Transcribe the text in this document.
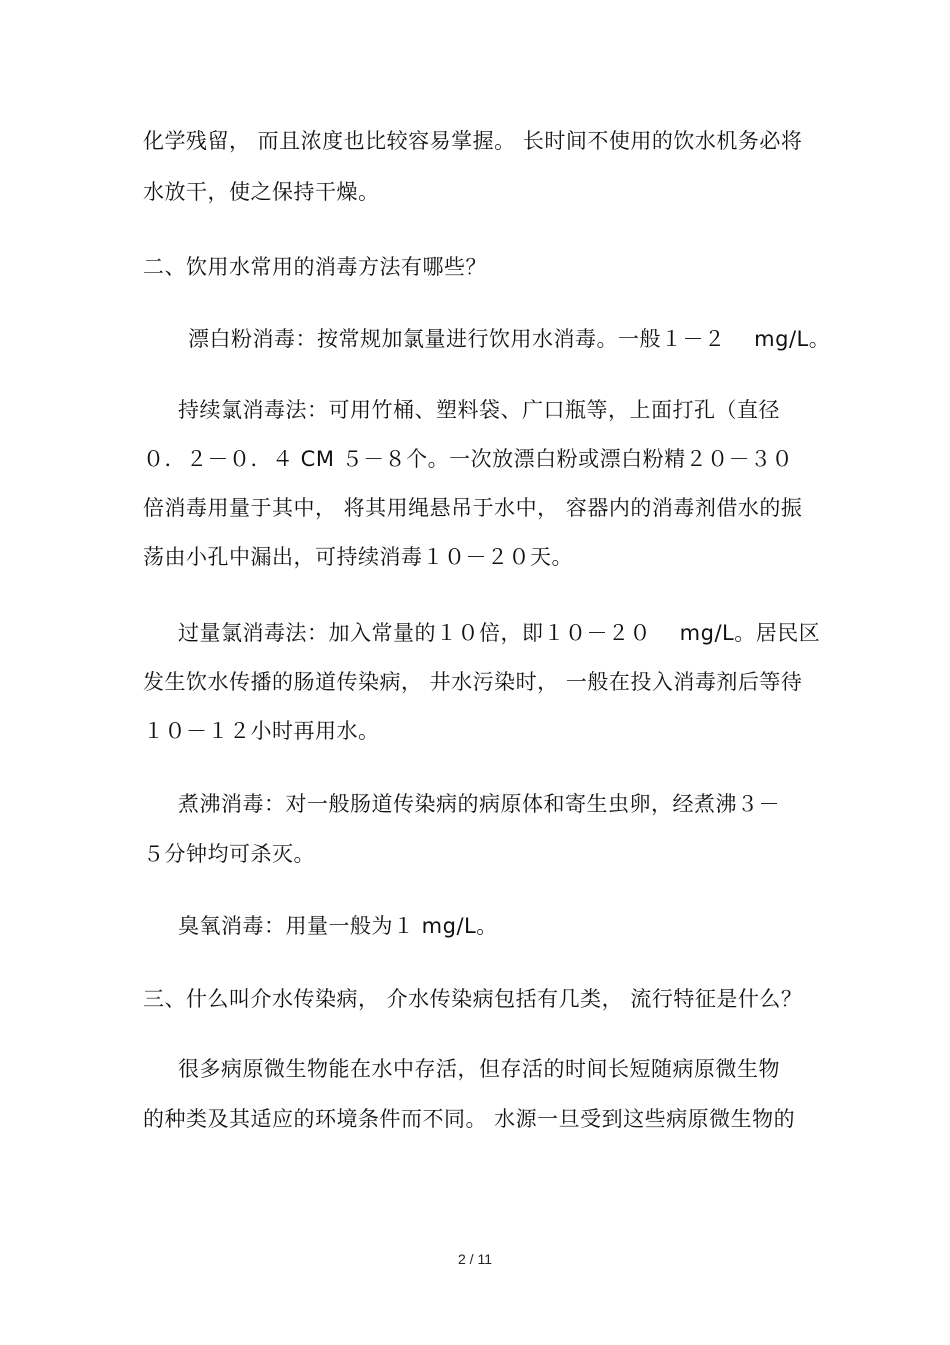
化学残留， 而且浓度也比较容易掌握。 长时间不使用的饮水机务必将
水放干，使之保持干燥。
二、饮用水常用的消毒方法有哪些？
漂白粉消毒：按常规加氯量进行饮用水消毒。一般１－２　 mg/L。
持续氯消毒法：可用竹桶、塑料袋、广口瓶等，上面打孔（直径
０．２－０．４ CM ５－８个。一次放漂白粉或漂白粉精２０－３０
倍消毒用量于其中， 将其用绳悬吊于水中， 容器内的消毒剂借水的振
荡由小孔中漏出，可持续消毒１０－２０天。
过量氯消毒法：加入常量的１０倍，即１０－２０　 mg/L。居民区
发生饮水传播的肠道传染病， 井水污染时， 一般在投入消毒剂后等待
１０－１２小时再用水。
煮沸消毒：对一般肠道传染病的病原体和寄生虫卵，经煮沸３－
５分钟均可杀灭。
臭氧消毒：用量一般为１ mg/L。
三、什么叫介水传染病， 介水传染病包括有几类， 流行特征是什么？
很多病原微生物能在水中存活，但存活的时间长短随病原微生物
的种类及其适应的环境条件而不同。 水源一旦受到这些病原微生物的
2 / 11
